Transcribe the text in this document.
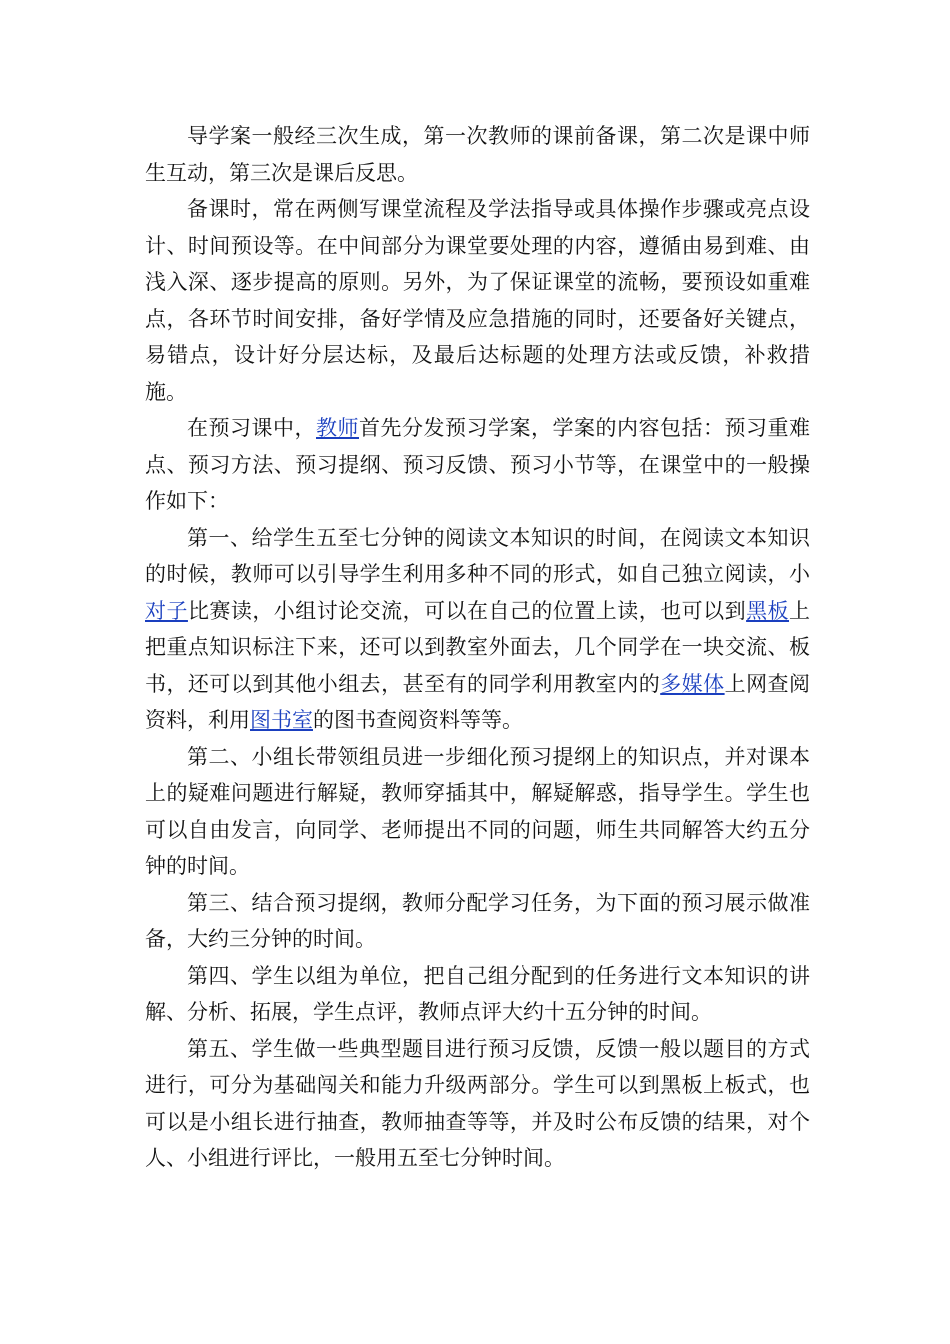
导学案一般经三次生成，第一次教师的课前备课，第二次是课中师生互动，第三次是课后反思。

备课时，常在两侧写课堂流程及学法指导或具体操作步骤或亮点设计、时间预设等。在中间部分为课堂要处理的内容，遵循由易到难、由浅入深、逐步提高的原则。另外，为了保证课堂的流畅，要预设如重难点，各环节时间安排，备好学情及应急措施的同时，还要备好关键点，易错点，设计好分层达标，及最后达标题的处理方法或反馈，补救措施。

在预习课中，教师首先分发预习学案，学案的内容包括：预习重难点、预习方法、预习提纲、预习反馈、预习小节等，在课堂中的一般操作如下：

第一、给学生五至七分钟的阅读文本知识的时间，在阅读文本知识的时候，教师可以引导学生利用多种不同的形式，如自己独立阅读，小对子比赛读，小组讨论交流，可以在自己的位置上读，也可以到黑板上把重点知识标注下来，还可以到教室外面去，几个同学在一块交流、板书，还可以到其他小组去，甚至有的同学利用教室内的多媒体上网查阅资料，利用图书室的图书查阅资料等等。

第二、小组长带领组员进一步细化预习提纲上的知识点，并对课本上的疑难问题进行解疑，教师穿插其中，解疑解惑，指导学生。学生也可以自由发言，向同学、老师提出不同的问题，师生共同解答大约五分钟的时间。

第三、结合预习提纲，教师分配学习任务，为下面的预习展示做准备，大约三分钟的时间。

第四、学生以组为单位，把自己组分配到的任务进行文本知识的讲解、分析、拓展，学生点评，教师点评大约十五分钟的时间。

第五、学生做一些典型题目进行预习反馈，反馈一般以题目的方式进行，可分为基础闯关和能力升级两部分。学生可以到黑板上板式，也可以是小组长进行抽查，教师抽查等等，并及时公布反馈的结果，对个人、小组进行评比，一般用五至七分钟时间。
